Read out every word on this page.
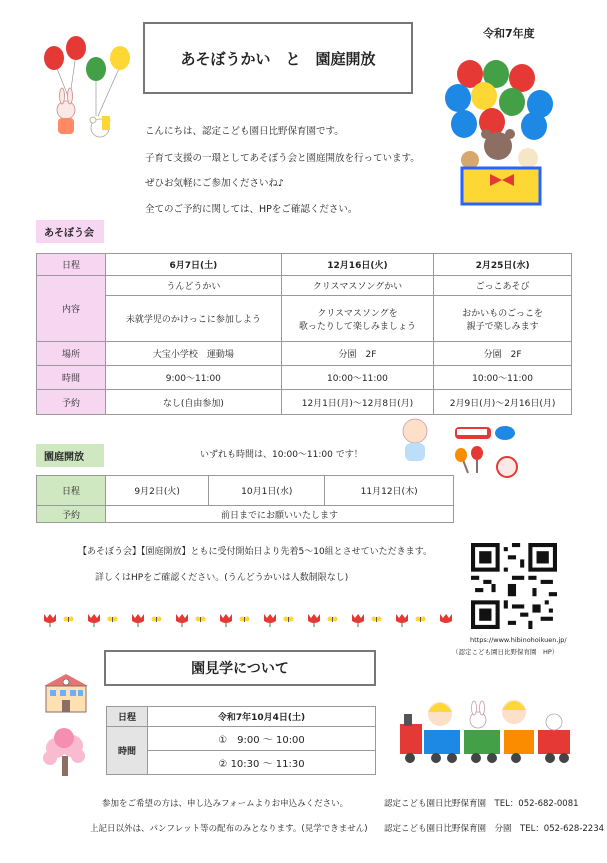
あそぼうかい　と　園庭開放
令和7年度
こんにちは、認定こども園日比野保育園です。
子育て支援の一環としてあそぼう会と園庭開放を行っています。
ぜひお気軽にご参加くださいね♪
全てのご予約に関しては、HPをご確認ください。
あそぼう会
日程	6月7日(土)	12月16日(火)	2月25日(水)
内容	うんどうかい	クリスマスソングかい	ごっこあそび
	未就学児のかけっこに参加しよう	クリスマスソングを
歌ったりして楽しみましょう	おかいものごっこを
親子で楽しみます
場所	大宝小学校　運動場	分園　2F	分園　2F
時間	9:00～11:00	10:00～11:00	10:00～11:00
予約	なし(自由参加)	12月1日(月)～12月8日(月)	2月9日(月)～2月16日(月)
園庭開放	いずれも時間は、10:00～11:00 です！
日程	9月2日(火)	10月1日(水)	11月12日(木)
予約	前日までにお願いいたします		
【あそぼう会】【園庭開放】ともに受付開始日より先着5～10組とさせていただきます。
詳しくはHPをご確認ください。(うんどうかいは人数制限なし)
https://www.hibinohoikuen.jp/
（認定こども園日比野保育園　HP）
園見学について
日程	令和7年10月4日(土)
時間	①　9:00 ～ 10:00
	② 10:30 ～ 11:30
参加をご希望の方は、申し込みフォームよりお申込みください。
上記日以外は、パンフレット等の配布のみとなります。(見学できません)
認定こども園日比野保育園　TEL：052-682-0081
認定こども園日比野保育園　分園　TEL：052-628-2234
